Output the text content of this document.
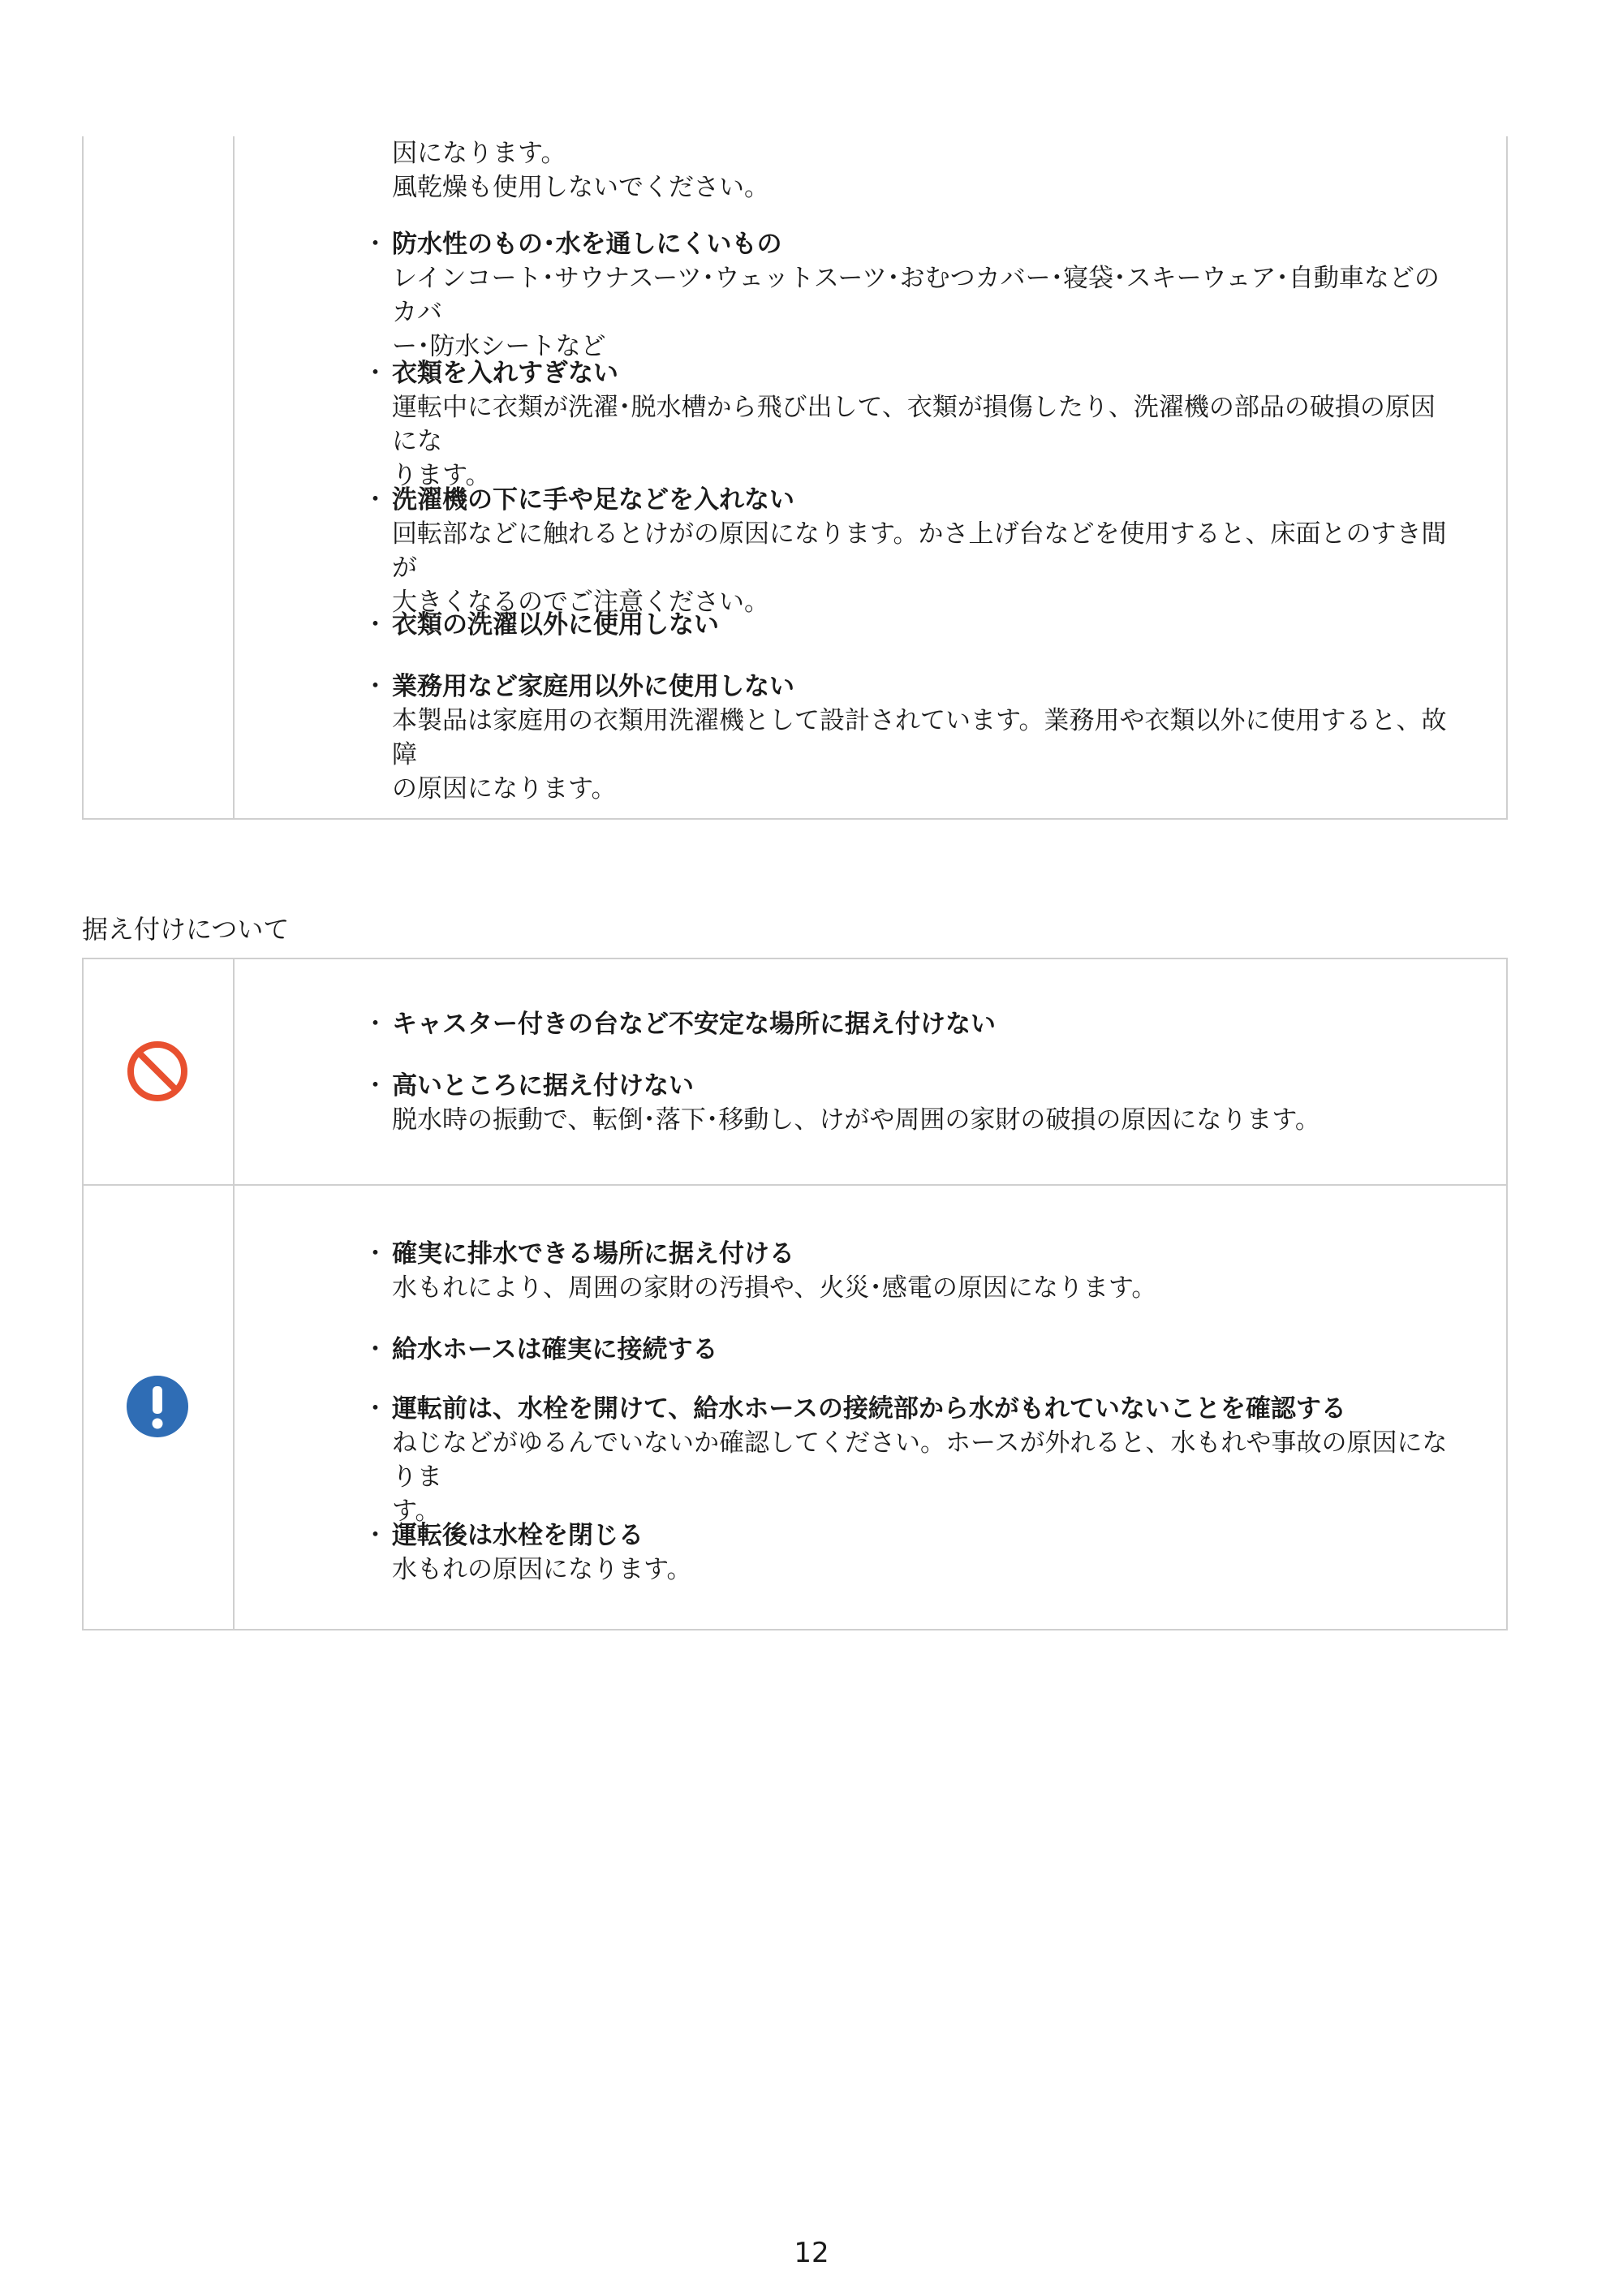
因になります。
風乾燥も使用しないでください。
・ 防水性のもの･水を通しにくいもの
レインコート･サウナスーツ･ウェットスーツ･おむつカバー･寝袋･スキーウェア･自動車などのカバ
ー･防水シートなど
・ 衣類を入れすぎない
運転中に衣類が洗濯･脱水槽から飛び出して、衣類が損傷したり、洗濯機の部品の破損の原因にな
ります。
・ 洗濯機の下に手や足などを入れない
回転部などに触れるとけがの原因になります。かさ上げ台などを使用すると、床面とのすき間が
大きくなるのでご注意ください。
・ 衣類の洗濯以外に使用しない
・ 業務用など家庭用以外に使用しない
本製品は家庭用の衣類用洗濯機として設計されています。業務用や衣類以外に使用すると、故障
の原因になります。
据え付けについて
・ キャスター付きの台など不安定な場所に据え付けない
・ 高いところに据え付けない
脱水時の振動で、転倒･落下･移動し、けがや周囲の家財の破損の原因になります。
・ 確実に排水できる場所に据え付ける
水もれにより、周囲の家財の汚損や、火災･感電の原因になります。
・ 給水ホースは確実に接続する
・ 運転前は、水栓を開けて、給水ホースの接続部から水がもれていないことを確認する
ねじなどがゆるんでいないか確認してください。ホースが外れると、水もれや事故の原因になりま
す。
・ 運転後は水栓を閉じる
水もれの原因になります。
12
